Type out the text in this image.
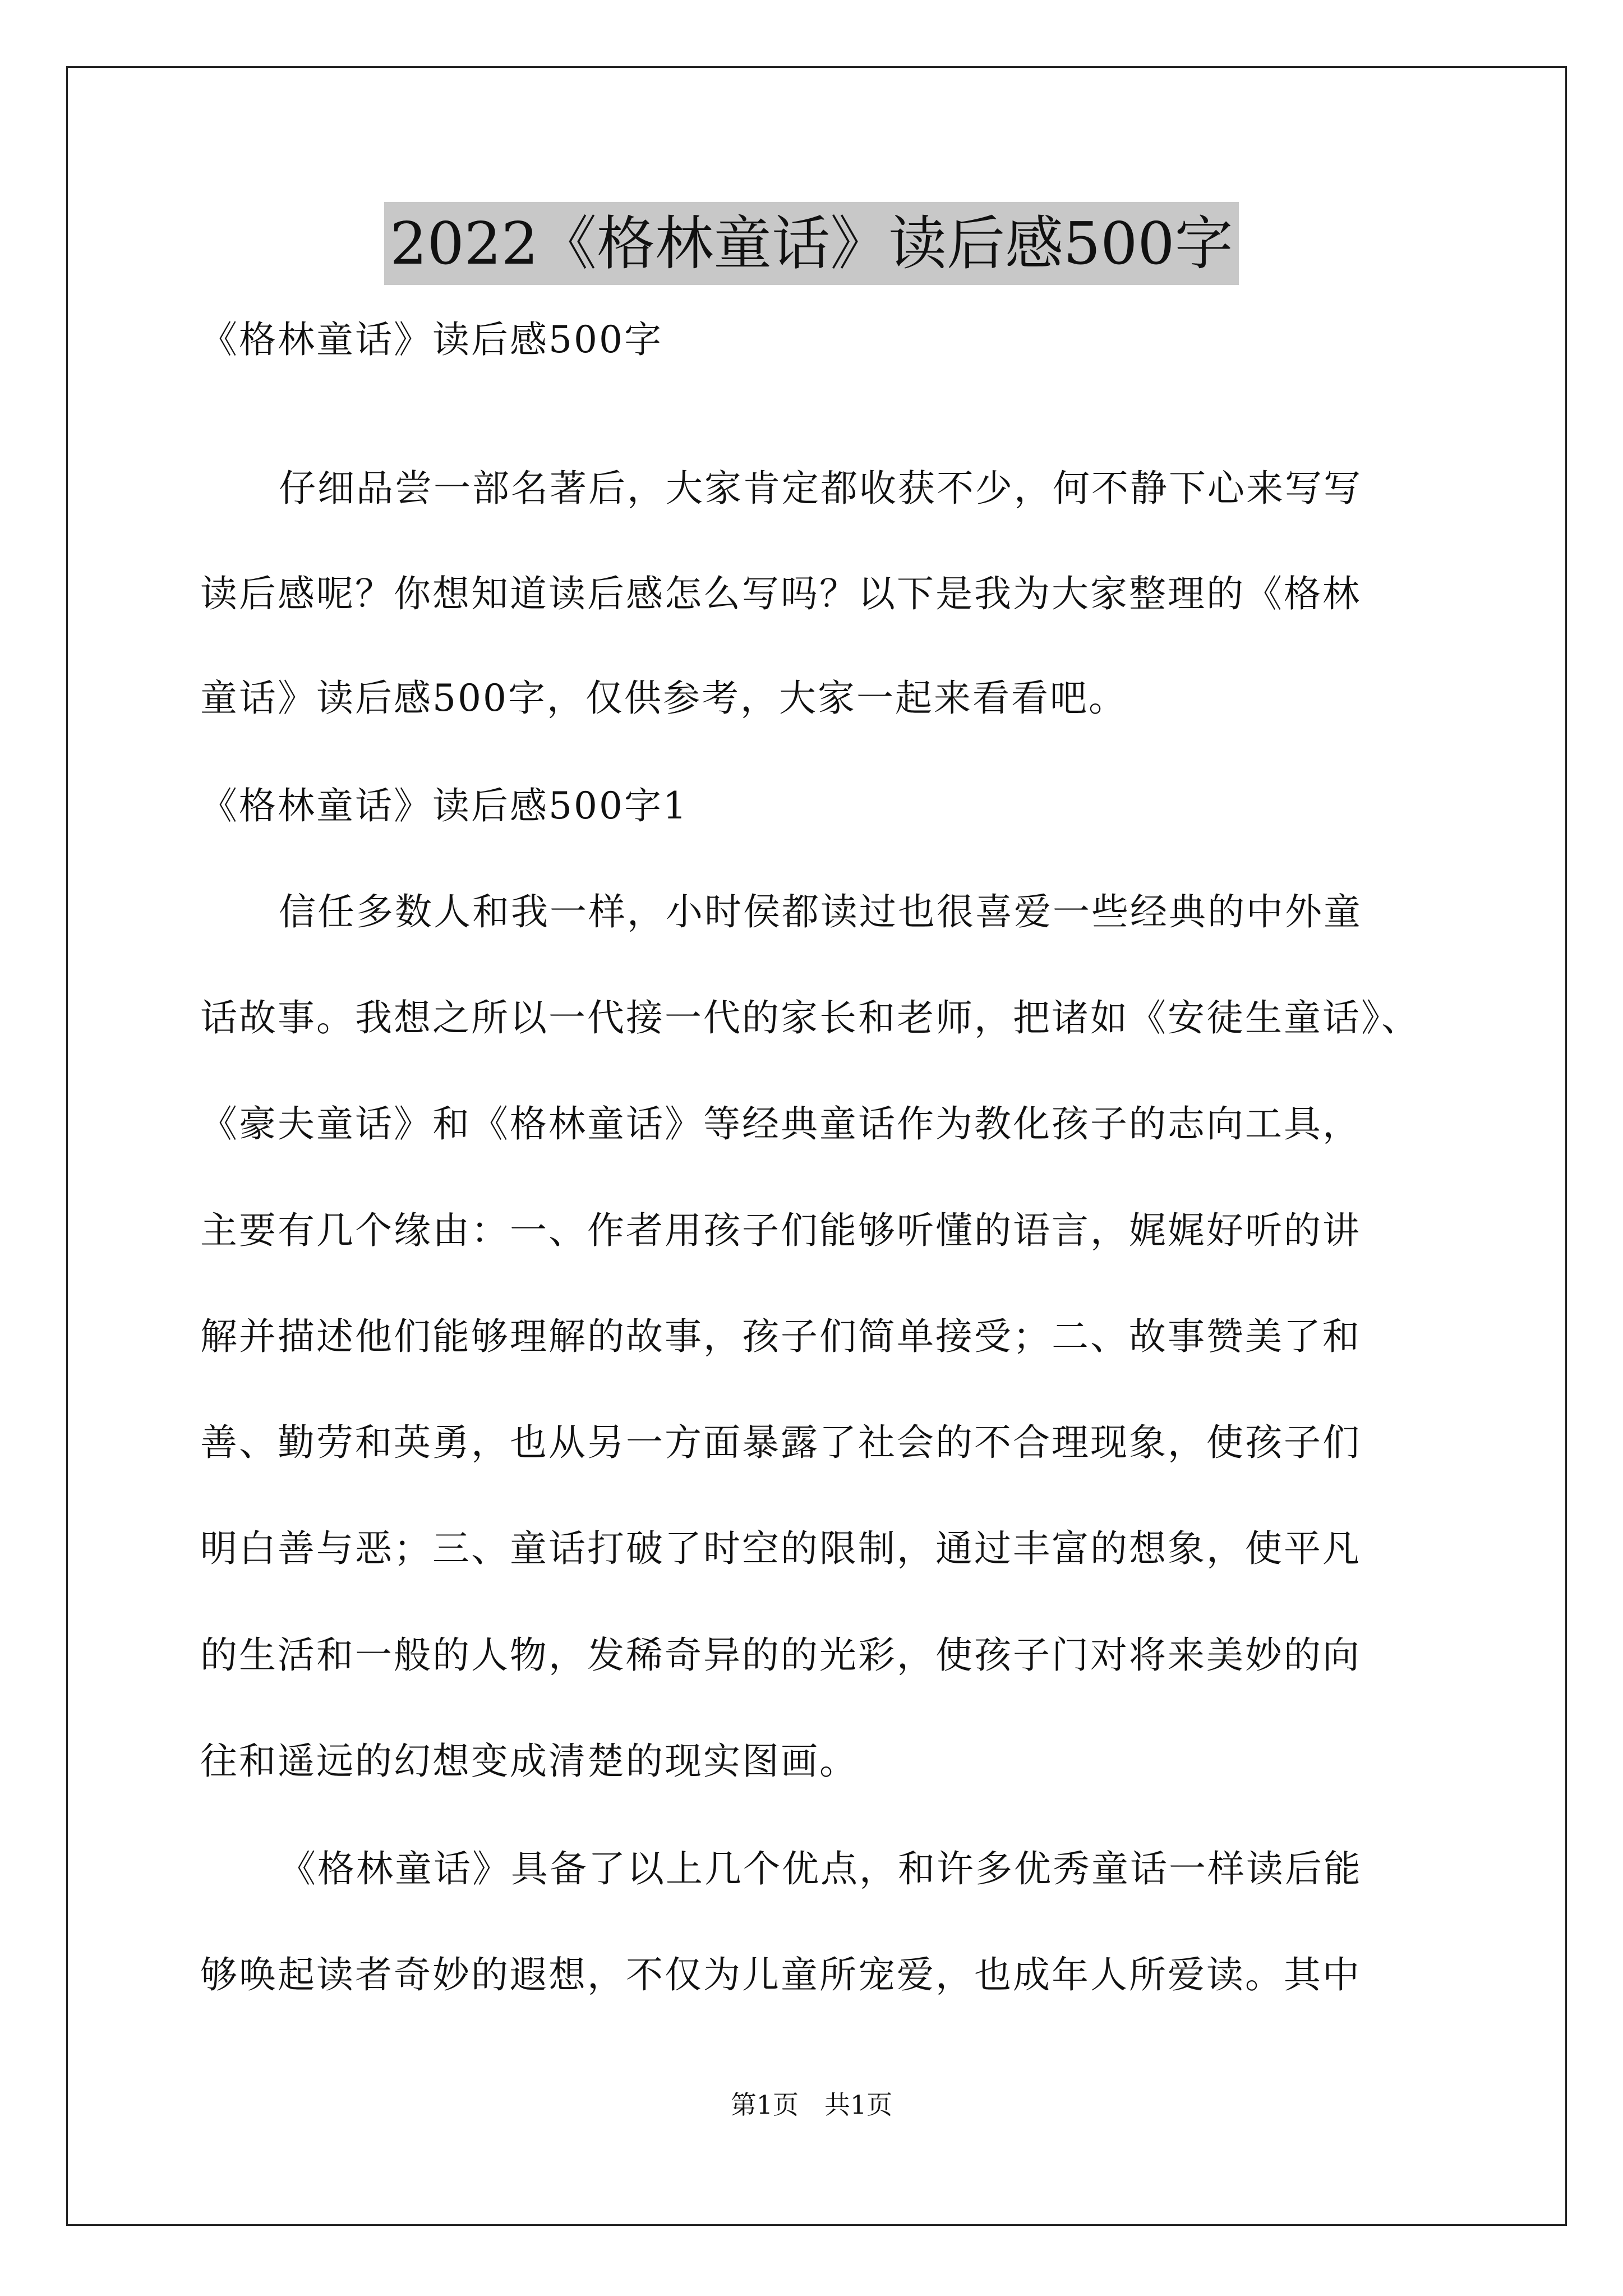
2022《格林童话》读后感500字
《格林童话》读后感500字
仔细品尝一部名著后，大家肯定都收获不少，何不静下心来写写
读后感呢？你想知道读后感怎么写吗？以下是我为大家整理的《格林
童话》读后感500字，仅供参考，大家一起来看看吧。
《格林童话》读后感500字1
信任多数人和我一样，小时侯都读过也很喜爱一些经典的中外童
话故事。我想之所以一代接一代的家长和老师，把诸如《安徒生童话》、
《豪夫童话》和《格林童话》等经典童话作为教化孩子的志向工具，
主要有几个缘由：一、作者用孩子们能够听懂的语言，娓娓好听的讲
解并描述他们能够理解的故事，孩子们简单接受；二、故事赞美了和
善、勤劳和英勇，也从另一方面暴露了社会的不合理现象，使孩子们
明白善与恶；三、童话打破了时空的限制，通过丰富的想象，使平凡
的生活和一般的人物，发稀奇异的的光彩，使孩子门对将来美妙的向
往和遥远的幻想变成清楚的现实图画。
《格林童话》具备了以上几个优点，和许多优秀童话一样读后能
够唤起读者奇妙的遐想，不仅为儿童所宠爱，也成年人所爱读。其中
第1页　共1页
